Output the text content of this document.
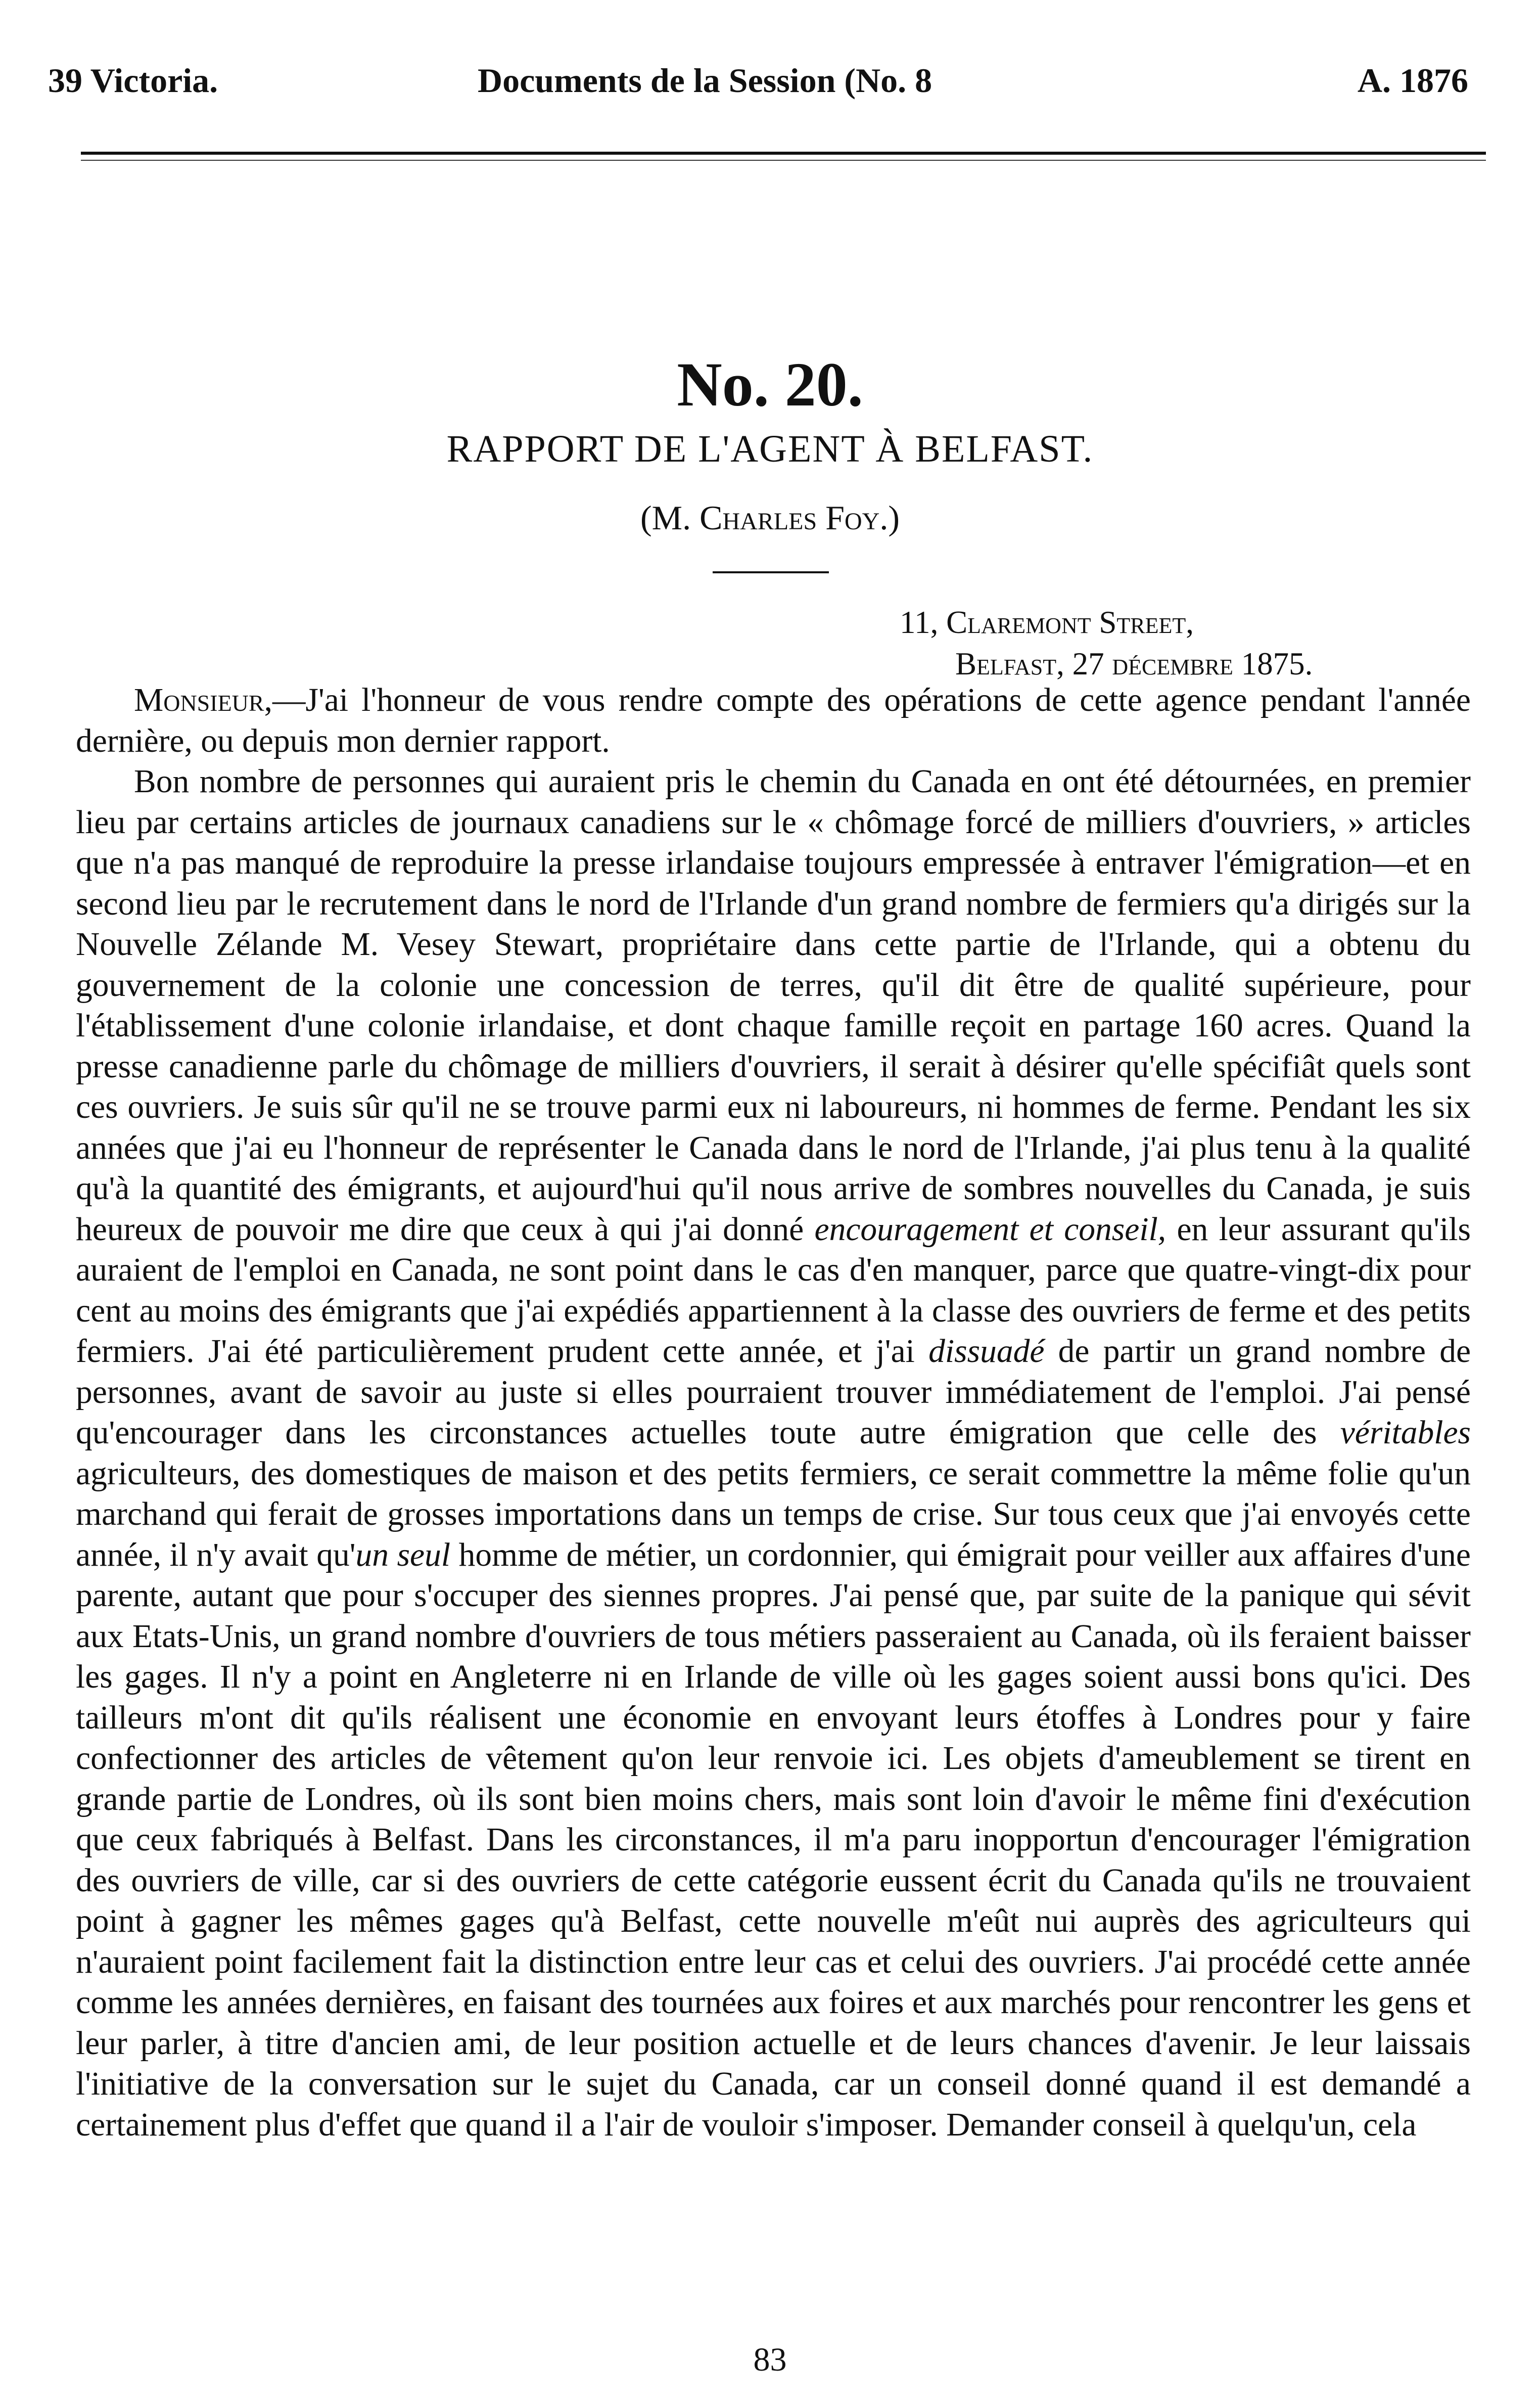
39 Victoria.	Documents de la Session (No. 8	A. 1876
No. 20.
RAPPORT DE L'AGENT À BELFAST.
(M. Charles Foy.)
11, Claremont Street,
Belfast, 27 décembre 1875.

Monsieur,—J'ai l'honneur de vous rendre compte des opérations de cette agence pendant l'année dernière, ou depuis mon dernier rapport.

Bon nombre de personnes qui auraient pris le chemin du Canada en ont été détournées, en premier lieu par certains articles de journaux canadiens sur le « chômage forcé de milliers d'ouvriers, » articles que n'a pas manqué de reproduire la presse irlandaise toujours empressée à entraver l'émigration—et en second lieu par le recrutement dans le nord de l'Irlande d'un grand nombre de fermiers qu'a dirigés sur la Nouvelle Zélande M. Vesey Stewart, propriétaire dans cette partie de l'Irlande, qui a obtenu du gouvernement de la colonie une concession de terres, qu'il dit être de qualité supérieure, pour l'établissement d'une colonie irlandaise, et dont chaque famille reçoit en partage 160 acres. Quand la presse canadienne parle du chômage de milliers d'ouvriers, il serait à désirer qu'elle spécifiât quels sont ces ouvriers. Je suis sûr qu'il ne se trouve parmi eux ni laboureurs, ni hommes de ferme. Pendant les six années que j'ai eu l'honneur de représenter le Canada dans le nord de l'Irlande, j'ai plus tenu à la qualité qu'à la quantité des émigrants, et aujourd'hui qu'il nous arrive de sombres nouvelles du Canada, je suis heureux de pouvoir me dire que ceux à qui j'ai donné encouragement et conseil, en leur assurant qu'ils auraient de l'emploi en Canada, ne sont point dans le cas d'en manquer, parce que quatre-vingt-dix pour cent au moins des émigrants que j'ai expédiés appartiennent à la classe des ouvriers de ferme et des petits fermiers. J'ai été particulièrement prudent cette année, et j'ai dissuadé de partir un grand nombre de personnes, avant de savoir au juste si elles pourraient trouver immédiatement de l'emploi. J'ai pensé qu'encourager dans les circonstances actuelles toute autre émigration que celle des véritables agriculteurs, des domestiques de maison et des petits fermiers, ce serait commettre la même folie qu'un marchand qui ferait de grosses importations dans un temps de crise. Sur tous ceux que j'ai envoyés cette année, il n'y avait qu'un seul homme de métier, un cordonnier, qui émigrait pour veiller aux affaires d'une parente, autant que pour s'occuper des siennes propres. J'ai pensé que, par suite de la panique qui sévit aux Etats-Unis, un grand nombre d'ouvriers de tous métiers passeraient au Canada, où ils feraient baisser les gages. Il n'y a point en Angleterre ni en Irlande de ville où les gages soient aussi bons qu'ici. Des tailleurs m'ont dit qu'ils réalisent une économie en envoyant leurs étoffes à Londres pour y faire confectionner des articles de vêtement qu'on leur renvoie ici. Les objets d'ameublement se tirent en grande partie de Londres, où ils sont bien moins chers, mais sont loin d'avoir le même fini d'exécution que ceux fabriqués à Belfast. Dans les circonstances, il m'a paru inopportun d'encourager l'émigration des ouvriers de ville, car si des ouvriers de cette catégorie eussent écrit du Canada qu'ils ne trouvaient point à gagner les mêmes gages qu'à Belfast, cette nouvelle m'eût nui auprès des agriculteurs qui n'auraient point facilement fait la distinction entre leur cas et celui des ouvriers. J'ai procédé cette année comme les années dernières, en faisant des tournées aux foires et aux marchés pour rencontrer les gens et leur parler, à titre d'ancien ami, de leur position actuelle et de leurs chances d'avenir. Je leur laissais l'initiative de la conversation sur le sujet du Canada, car un conseil donné quand il est demandé a certainement plus d'effet que quand il a l'air de vouloir s'imposer. Demander conseil à quelqu'un, cela

83
